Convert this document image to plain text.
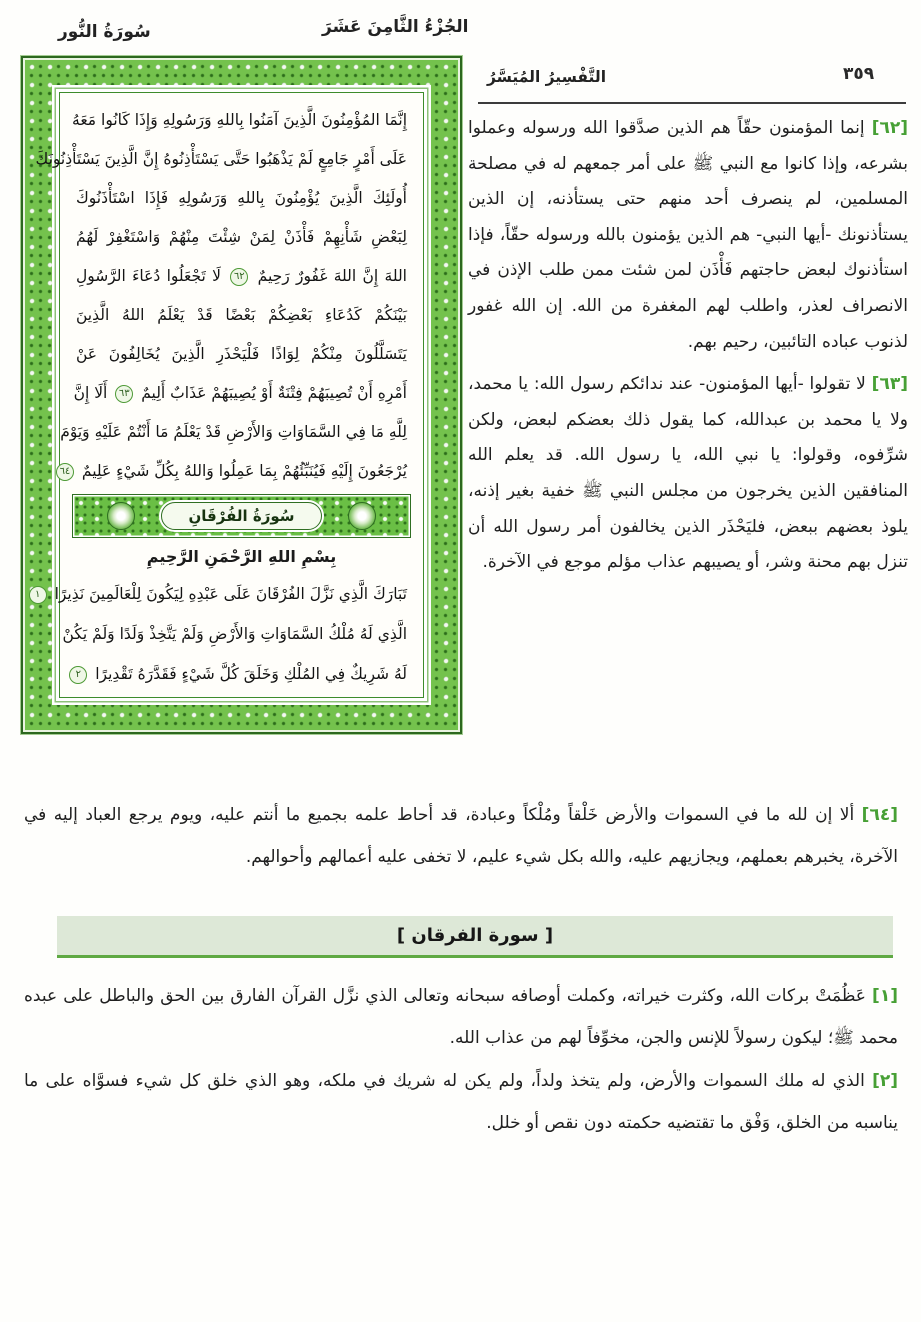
سُورَةُ النُّور	الجُزْءُ الثَّامِنَ عَشَرَ
التَّفْسِيرُ المُيَسَّرُ	٣٥٩
إِنَّمَا المُؤْمِنُونَ الَّذِينَ آمَنُوا بِاللهِ وَرَسُولِهِ وَإِذَا كَانُوا مَعَهُ
عَلَى أَمْرٍ جَامِعٍ لَمْ يَذْهَبُوا حَتَّى يَسْتَأْذِنُوهُ إِنَّ الَّذِينَ يَسْتَأْذِنُونَكَ
أُولَئِكَ الَّذِينَ يُؤْمِنُونَ بِاللهِ وَرَسُولِهِ فَإِذَا اسْتَأْذَنُوكَ
لِبَعْضِ شَأْنِهِمْ فَأْذَنْ لِمَنْ شِئْتَ مِنْهُمْ وَاسْتَغْفِرْ لَهُمُ
اللهَ إِنَّ اللهَ غَفُورٌ رَحِيمٌ ٦٢ لَا تَجْعَلُوا دُعَاءَ الرَّسُولِ
بَيْنَكُمْ كَدُعَاءِ بَعْضِكُمْ بَعْضًا قَدْ يَعْلَمُ اللهُ الَّذِينَ
يَتَسَلَّلُونَ مِنْكُمْ لِوَاذًا فَلْيَحْذَرِ الَّذِينَ يُخَالِفُونَ عَنْ
أَمْرِهِ أَنْ تُصِيبَهُمْ فِتْنَةٌ أَوْ يُصِيبَهُمْ عَذَابٌ أَلِيمٌ ٦٣ أَلَا إِنَّ
لِلَّهِ مَا فِي السَّمَاوَاتِ وَالأَرْضِ قَدْ يَعْلَمُ مَا أَنْتُمْ عَلَيْهِ وَيَوْمَ
يُرْجَعُونَ إِلَيْهِ فَيُنَبِّئُهُمْ بِمَا عَمِلُوا وَاللهُ بِكُلِّ شَيْءٍ عَلِيمٌ ٦٤
سُورَةُ الفُرْقَانِ
بِسْمِ اللهِ الرَّحْمَنِ الرَّحِيمِ
تَبَارَكَ الَّذِي نَزَّلَ الفُرْقَانَ عَلَى عَبْدِهِ لِيَكُونَ لِلْعَالَمِينَ نَذِيرًا ١
الَّذِي لَهُ مُلْكُ السَّمَاوَاتِ وَالأَرْضِ وَلَمْ يَتَّخِذْ وَلَدًا وَلَمْ يَكُنْ
لَهُ شَرِيكٌ فِي المُلْكِ وَخَلَقَ كُلَّ شَيْءٍ فَقَدَّرَهُ تَقْدِيرًا ٢

[٦٢] إنما المؤمنون حقّاً هم الذين صدَّقوا الله ورسوله وعملوا بشرعه، وإذا كانوا مع النبي ﷺ على أمر جمعهم له في مصلحة المسلمين، لم ينصرف أحد منهم حتى يستأذنه، إن الذين يستأذنونك -أيها النبي- هم الذين يؤمنون بالله ورسوله حقّاً، فإذا استأذنوك لبعض حاجتهم فَأْذَن لمن شئت ممن طلب الإذن في الانصراف لعذر، واطلب لهم المغفرة من الله. إن الله غفور لذنوب عباده التائبين، رحيم بهم.

[٦٣] لا تقولوا -أيها المؤمنون- عند ندائكم رسول الله: يا محمد، ولا يا محمد بن عبدالله، كما يقول ذلك بعضكم لبعض، ولكن شرِّفوه، وقولوا: يا نبي الله، يا رسول الله. قد يعلم الله المنافقين الذين يخرجون من مجلس النبي ﷺ خفية بغير إذنه، يلوذ بعضهم ببعض، فليَحْذَر الذين يخالفون أمر رسول الله أن تنزل بهم محنة وشر، أو يصيبهم عذاب مؤلم موجع في الآخرة.

[٦٤] ألا إن لله ما في السموات والأرض خَلْقاً ومُلْكاً وعبادة، قد أحاط علمه بجميع ما أنتم عليه، ويوم يرجع العباد إليه في الآخرة، يخبرهم بعملهم، ويجازيهم عليه، والله بكل شيء عليم، لا تخفى عليه أعمالهم وأحوالهم.

[ سورة الفرقان ]

[١] عَظُمَتْ بركات الله، وكثرت خيراته، وكملت أوصافه سبحانه وتعالى الذي نزَّل القرآن الفارق بين الحق والباطل على عبده محمد ﷺ؛ ليكون رسولاً للإنس والجن، مخوِّفاً لهم من عذاب الله.

[٢] الذي له ملك السموات والأرض، ولم يتخذ ولداً، ولم يكن له شريك في ملكه، وهو الذي خلق كل شيء فسوَّاه على ما يناسبه من الخلق، وَفْق ما تقتضيه حكمته دون نقص أو خلل.
